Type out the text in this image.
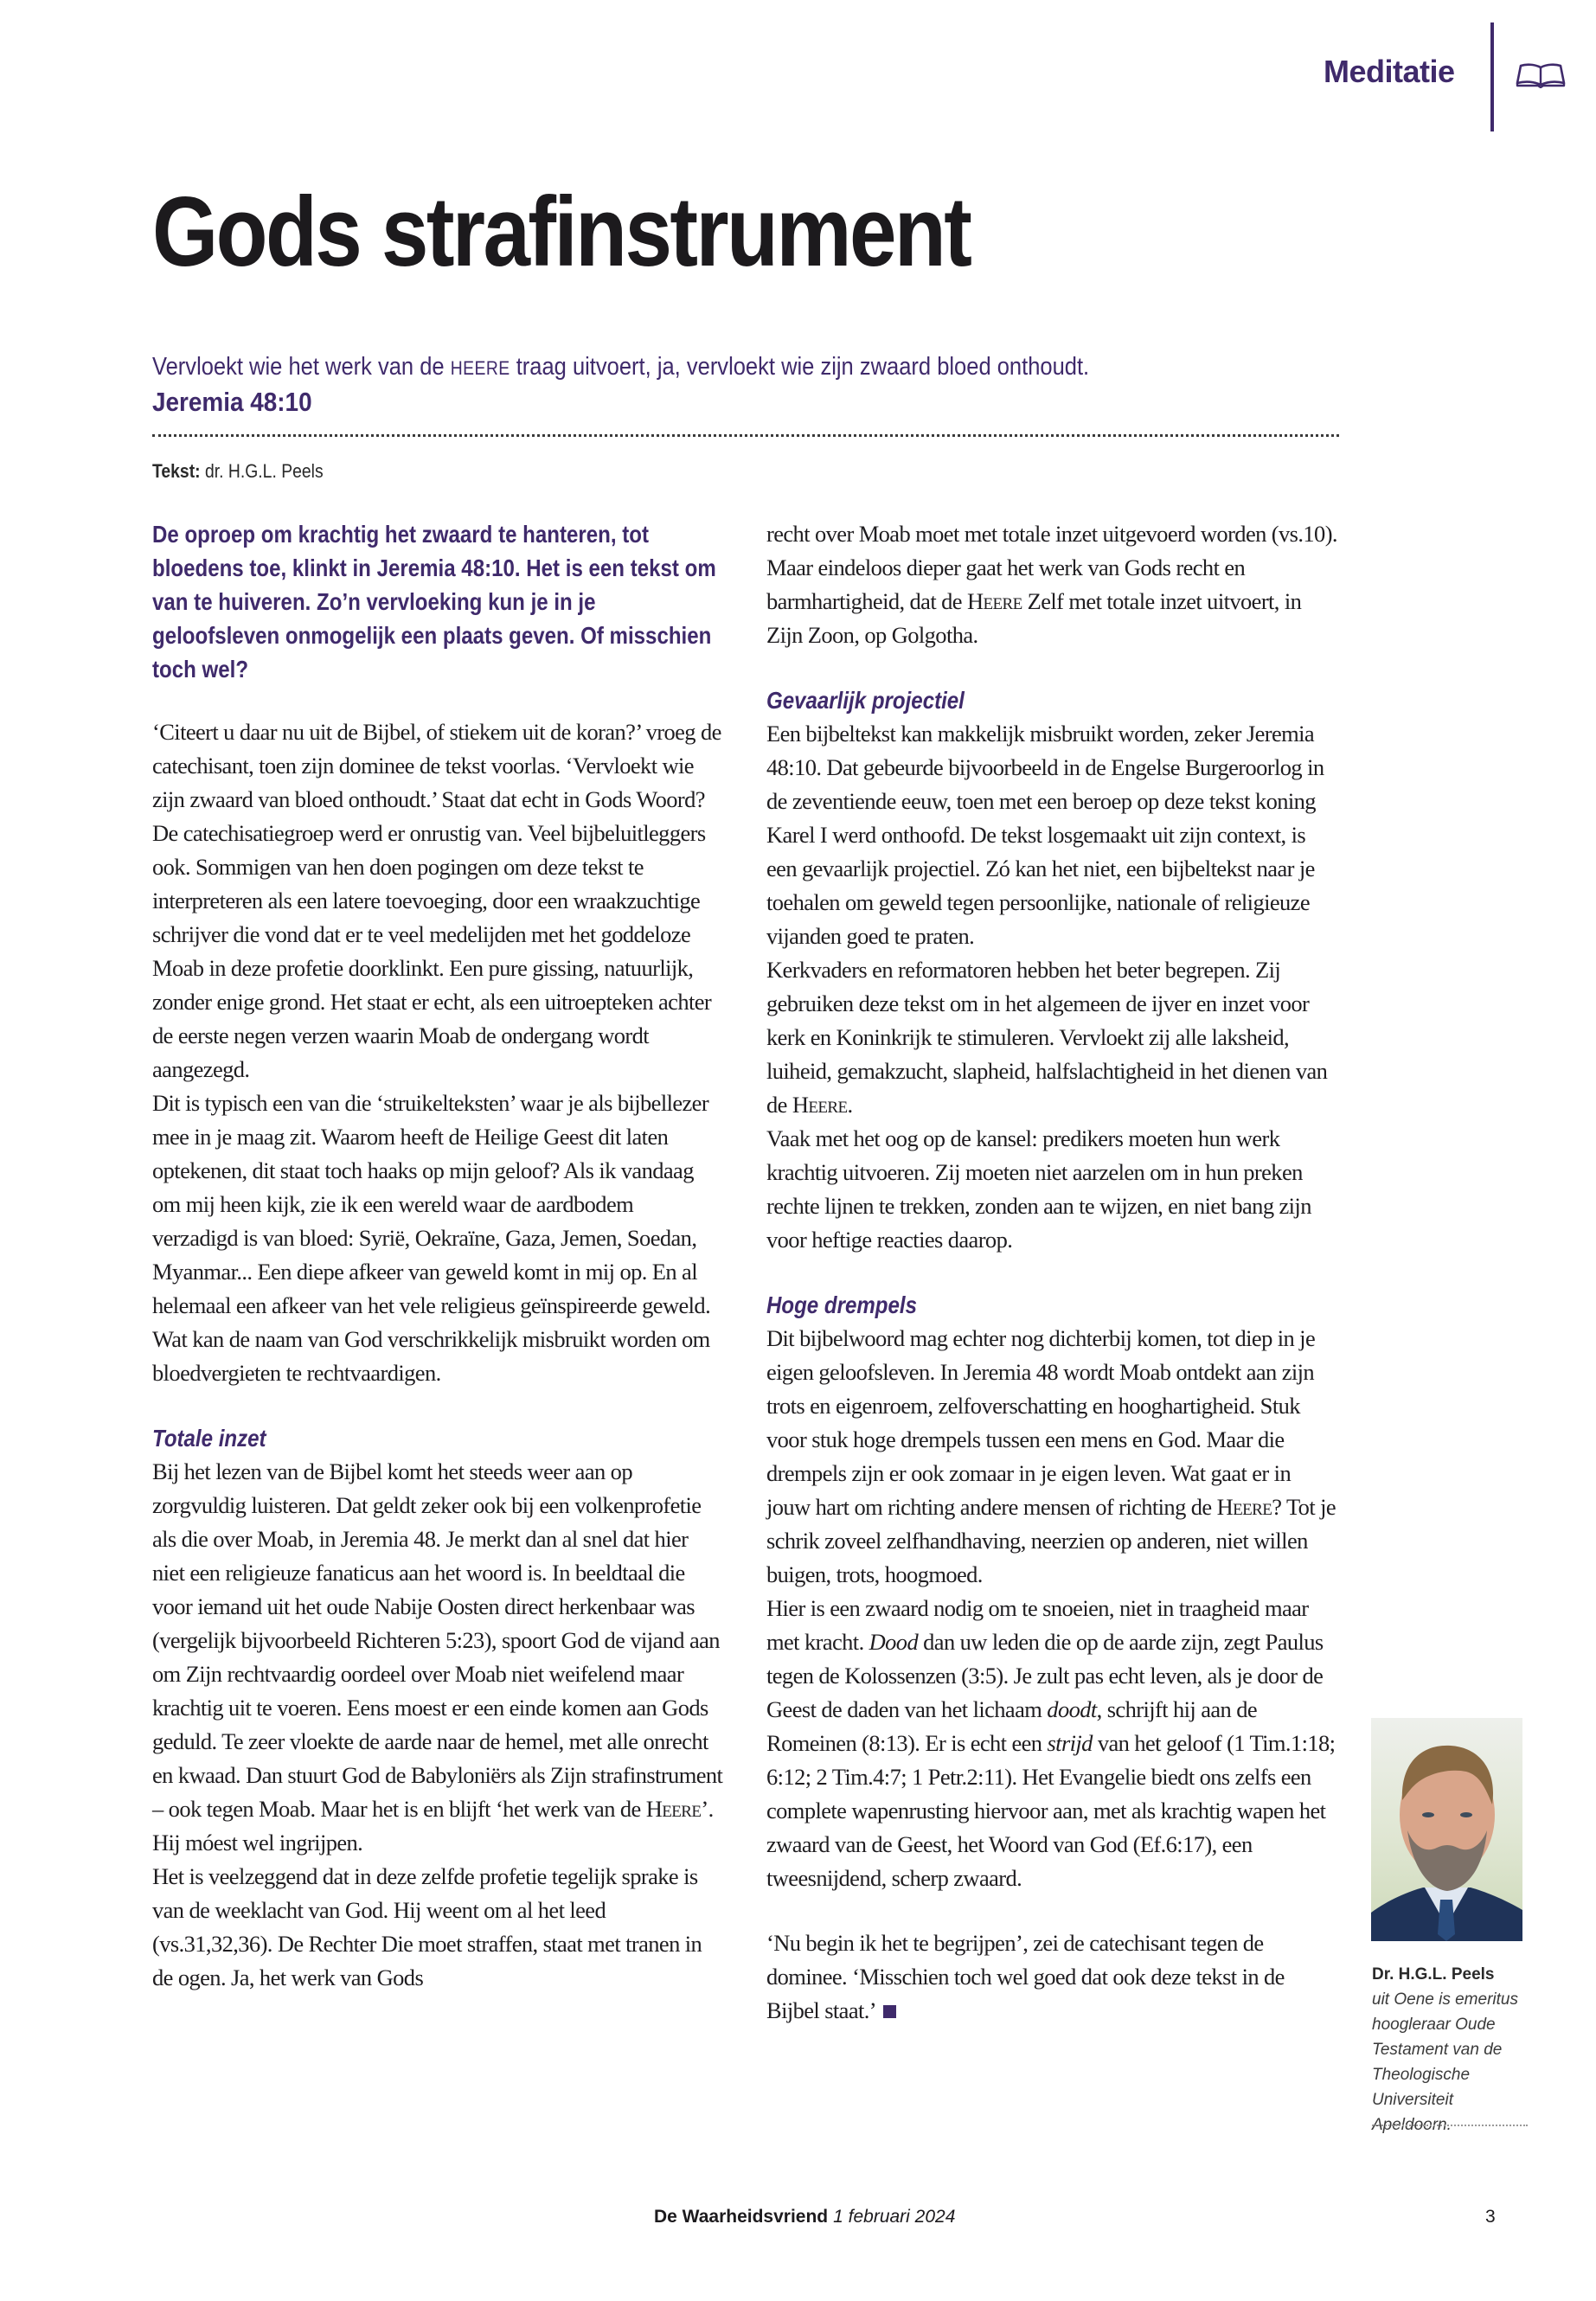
Meditatie
Gods strafinstrument
Vervloekt wie het werk van de HEERE traag uitvoert, ja, vervloekt wie zijn zwaard bloed onthoudt.
Jeremia 48:10
Tekst: dr. H.G.L. Peels

De oproep om krachtig het zwaard te hanteren, tot bloedens toe, klinkt in Jeremia 48:10. Het is een tekst om van te huiveren. Zo’n vervloeking kun je in je geloofsleven onmogelijk een plaats geven. Of misschien toch wel?

‘Citeert u daar nu uit de Bijbel, of stiekem uit de koran?’ vroeg de catechisant, toen zijn dominee de tekst voorlas. ‘Vervloekt wie zijn zwaard van bloed onthoudt.’ Staat dat echt in Gods Woord? De catechisatiegroep werd er onrustig van. Veel bijbeluitleggers ook. Sommigen van hen doen pogingen om deze tekst te interpreteren als een latere toevoeging, door een wraakzuchtige schrijver die vond dat er te veel medelijden met het goddeloze Moab in deze profetie doorklinkt. Een pure gissing, natuurlijk, zonder enige grond. Het staat er echt, als een uitroepteken achter de eerste negen verzen waarin Moab de ondergang wordt aangezegd.

Dit is typisch een van die ‘struikelteksten’ waar je als bijbellezer mee in je maag zit. Waarom heeft de Heilige Geest dit laten optekenen, dit staat toch haaks op mijn geloof? Als ik vandaag om mij heen kijk, zie ik een wereld waar de aardbodem verzadigd is van bloed: Syrië, Oekraïne, Gaza, Jemen, Soedan, Myanmar... Een diepe afkeer van geweld komt in mij op. En al helemaal een afkeer van het vele religieus geïnspireerde geweld. Wat kan de naam van God verschrikkelijk misbruikt worden om bloedvergieten te rechtvaardigen.

Totale inzet

Bij het lezen van de Bijbel komt het steeds weer aan op zorgvuldig luisteren. Dat geldt zeker ook bij een volkenprofetie als die over Moab, in Jeremia 48. Je merkt dan al snel dat hier niet een religieuze fanaticus aan het woord is. In beeldtaal die voor iemand uit het oude Nabije Oosten direct herkenbaar was (vergelijk bijvoorbeeld Richteren 5:23), spoort God de vijand aan om Zijn rechtvaardig oordeel over Moab niet weifelend maar krachtig uit te voeren. Eens moest er een einde komen aan Gods geduld. Te zeer vloekte de aarde naar de hemel, met alle onrecht en kwaad. Dan stuurt God de Babyloniërs als Zijn strafinstrument – ook tegen Moab. Maar het is en blijft ‘het werk van de Heere’. Hij móest wel ingrijpen.

Het is veelzeggend dat in deze zelfde profetie tegelijk sprake is van de weeklacht van God. Hij weent om al het leed (vs.31,32,36). De Rechter Die moet straffen, staat met tranen in de ogen. Ja, het werk van Gods

recht over Moab moet met totale inzet uitgevoerd worden (vs.10). Maar eindeloos dieper gaat het werk van Gods recht en barmhartigheid, dat de Heere Zelf met totale inzet uitvoert, in Zijn Zoon, op Golgotha.

Gevaarlijk projectiel

Een bijbeltekst kan makkelijk misbruikt worden, zeker Jeremia 48:10. Dat gebeurde bijvoorbeeld in de Engelse Burgeroorlog in de zeventiende eeuw, toen met een beroep op deze tekst koning Karel I werd onthoofd. De tekst losgemaakt uit zijn context, is een gevaarlijk projectiel. Zó kan het niet, een bijbeltekst naar je toehalen om geweld tegen persoonlijke, nationale of religieuze vijanden goed te praten.

Kerkvaders en reformatoren hebben het beter begrepen. Zij gebruiken deze tekst om in het algemeen de ijver en inzet voor kerk en Koninkrijk te stimuleren. Vervloekt zij alle laksheid, luiheid, gemakzucht, slapheid, halfslachtigheid in het dienen van de Heere.

Vaak met het oog op de kansel: predikers moeten hun werk krachtig uitvoeren. Zij moeten niet aarzelen om in hun preken rechte lijnen te trekken, zonden aan te wijzen, en niet bang zijn voor heftige reacties daarop.

Hoge drempels

Dit bijbelwoord mag echter nog dichterbij komen, tot diep in je eigen geloofsleven. In Jeremia 48 wordt Moab ontdekt aan zijn trots en eigenroem, zelfoverschatting en hooghartigheid. Stuk voor stuk hoge drempels tussen een mens en God. Maar die drempels zijn er ook zomaar in je eigen leven. Wat gaat er in jouw hart om richting andere mensen of richting de Heere? Tot je schrik zoveel zelfhandhaving, neerzien op anderen, niet willen buigen, trots, hoogmoed.

Hier is een zwaard nodig om te snoeien, niet in traagheid maar met kracht. Dood dan uw leden die op de aarde zijn, zegt Paulus tegen de Kolossenzen (3:5). Je zult pas echt leven, als je door de Geest de daden van het lichaam doodt, schrijft hij aan de Romeinen (8:13). Er is echt een strijd van het geloof (1 Tim.1:18; 6:12; 2 Tim.4:7; 1 Petr.2:11). Het Evangelie biedt ons zelfs een complete wapenrusting hiervoor aan, met als krachtig wapen het zwaard van de Geest, het Woord van God (Ef.6:17), een tweesnijdend, scherp zwaard.

‘Nu begin ik het te begrijpen’, zei de catechisant tegen de dominee. ‘Misschien toch wel goed dat ook deze tekst in de Bijbel staat.’

Dr. H.G.L. Peels
uit Oene is emeritus hoogleraar Oude Testament van de Theologische Universiteit Apeldoorn.
De Waarheidsvriend 1 februari 2024	3
